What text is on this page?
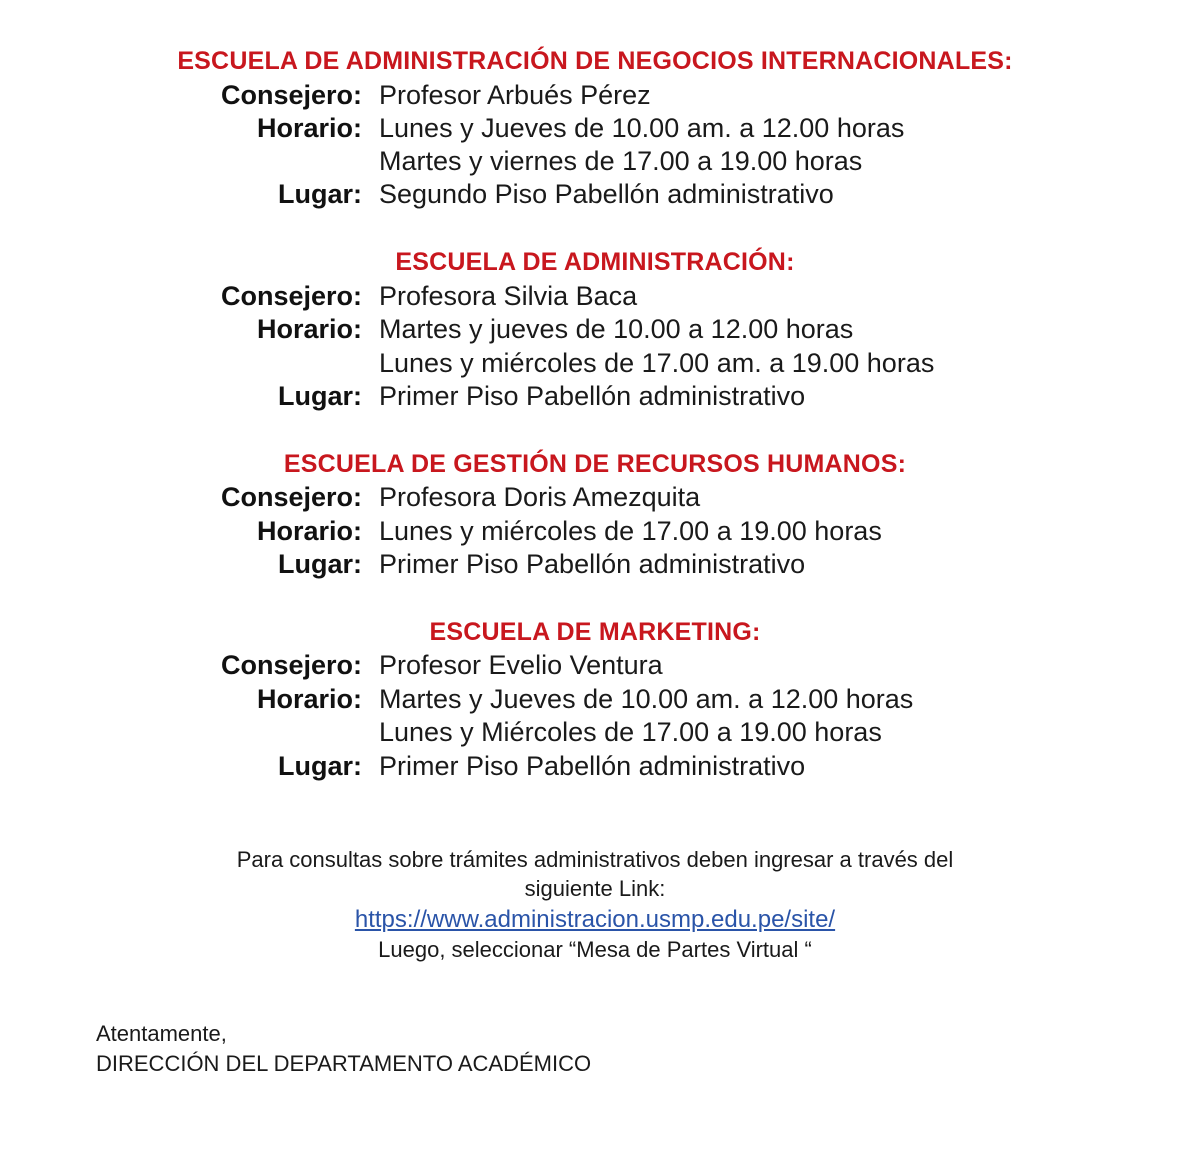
ESCUELA DE ADMINISTRACIÓN DE NEGOCIOS INTERNACIONALES:
Consejero: Profesor Arbués Pérez
Horario: Lunes y Jueves de 10.00 am. a 12.00 horas
Martes y viernes de 17.00 a 19.00 horas
Lugar: Segundo Piso Pabellón administrativo
ESCUELA DE ADMINISTRACIÓN:
Consejero: Profesora Silvia Baca
Horario: Martes y jueves de 10.00 a 12.00 horas
Lunes y miércoles de 17.00 am. a 19.00 horas
Lugar: Primer Piso Pabellón administrativo
ESCUELA DE GESTIÓN DE RECURSOS HUMANOS:
Consejero: Profesora Doris Amezquita
Horario: Lunes y miércoles de 17.00 a 19.00 horas
Lugar: Primer Piso Pabellón administrativo
ESCUELA DE MARKETING:
Consejero: Profesor Evelio Ventura
Horario: Martes y Jueves de 10.00 am. a 12.00 horas
Lunes y Miércoles de 17.00 a 19.00 horas
Lugar: Primer Piso Pabellón administrativo
Para consultas sobre trámites administrativos deben ingresar a través del
siguiente Link:
https://www.administracion.usmp.edu.pe/site/
Luego, seleccionar “Mesa de Partes Virtual “
Atentamente,
DIRECCIÓN DEL DEPARTAMENTO ACADÉMICO
